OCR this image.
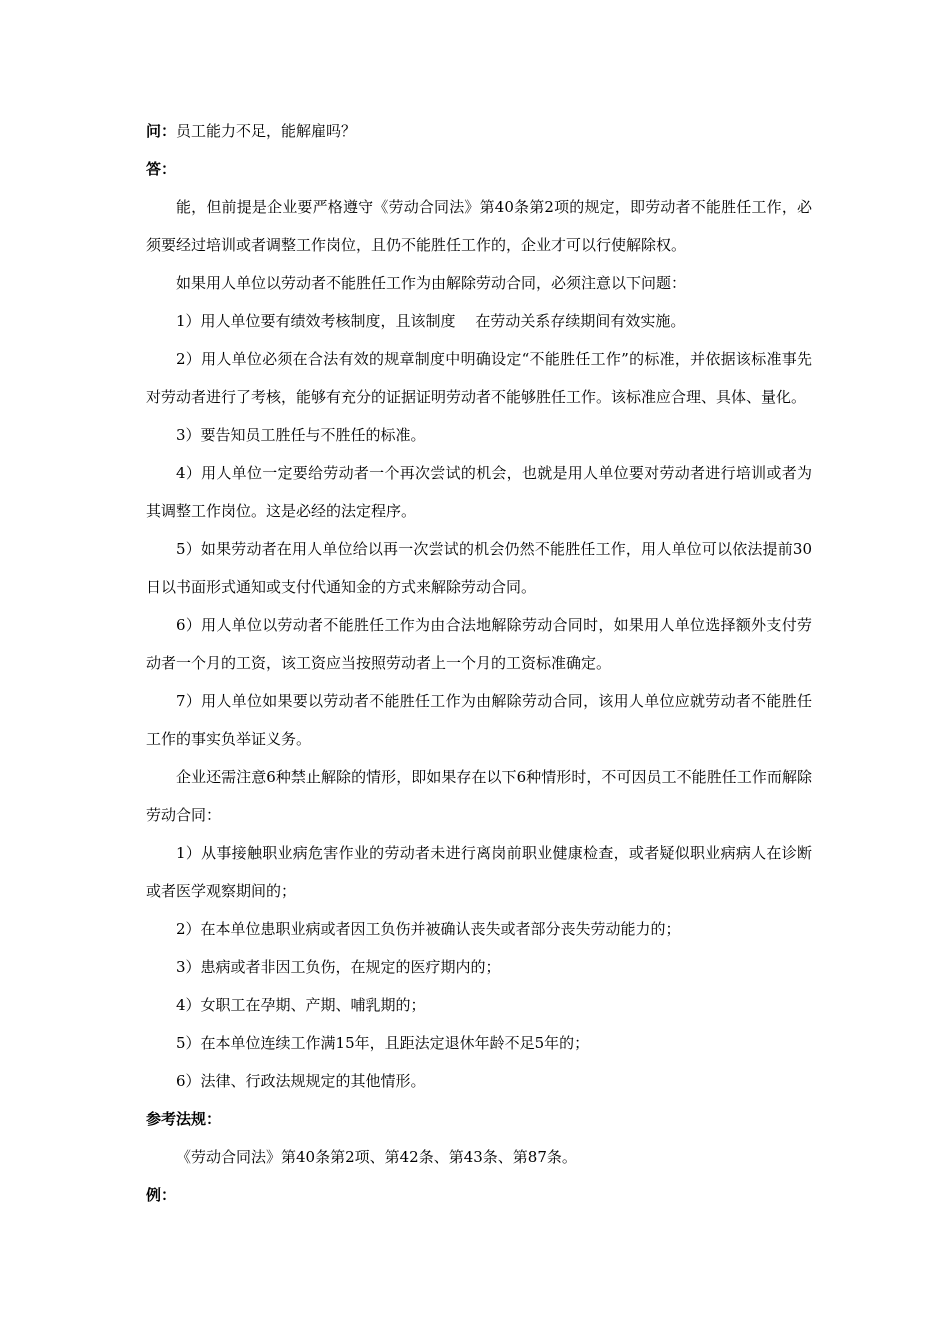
问：员工能力不足，能解雇吗？
答：

能，但前提是企业要严格遵守《劳动合同法》第40条第2项的规定，即劳动者不能胜任工作，必须要经过培训或者调整工作岗位，且仍不能胜任工作的，企业才可以行使解除权。

如果用人单位以劳动者不能胜任工作为由解除劳动合同，必须注意以下问题：

1）用人单位要有绩效考核制度，且该制度　 在劳动关系存续期间有效实施。

2）用人单位必须在合法有效的规章制度中明确设定“不能胜任工作”的标准，并依据该标准事先对劳动者进行了考核，能够有充分的证据证明劳动者不能够胜任工作。该标准应合理、具体、量化。

3）要告知员工胜任与不胜任的标准。

4）用人单位一定要给劳动者一个再次尝试的机会，也就是用人单位要对劳动者进行培训或者为其调整工作岗位。这是必经的法定程序。

5）如果劳动者在用人单位给以再一次尝试的机会仍然不能胜任工作，用人单位可以依法提前30日以书面形式通知或支付代通知金的方式来解除劳动合同。

6）用人单位以劳动者不能胜任工作为由合法地解除劳动合同时，如果用人单位选择额外支付劳动者一个月的工资，该工资应当按照劳动者上一个月的工资标准确定。

7）用人单位如果要以劳动者不能胜任工作为由解除劳动合同，该用人单位应就劳动者不能胜任工作的事实负举证义务。

企业还需注意6种禁止解除的情形，即如果存在以下6种情形时，不可因员工不能胜任工作而解除劳动合同：

1）从事接触职业病危害作业的劳动者未进行离岗前职业健康检查，或者疑似职业病病人在诊断或者医学观察期间的；

2）在本单位患职业病或者因工负伤并被确认丧失或者部分丧失劳动能力的；

3）患病或者非因工负伤，在规定的医疗期内的；

4）女职工在孕期、产期、哺乳期的；

5）在本单位连续工作满15年，且距法定退休年龄不足5年的；

6）法律、行政法规规定的其他情形。

参考法规：

《劳动合同法》第40条第2项、第42条、第43条、第87条。

例：
